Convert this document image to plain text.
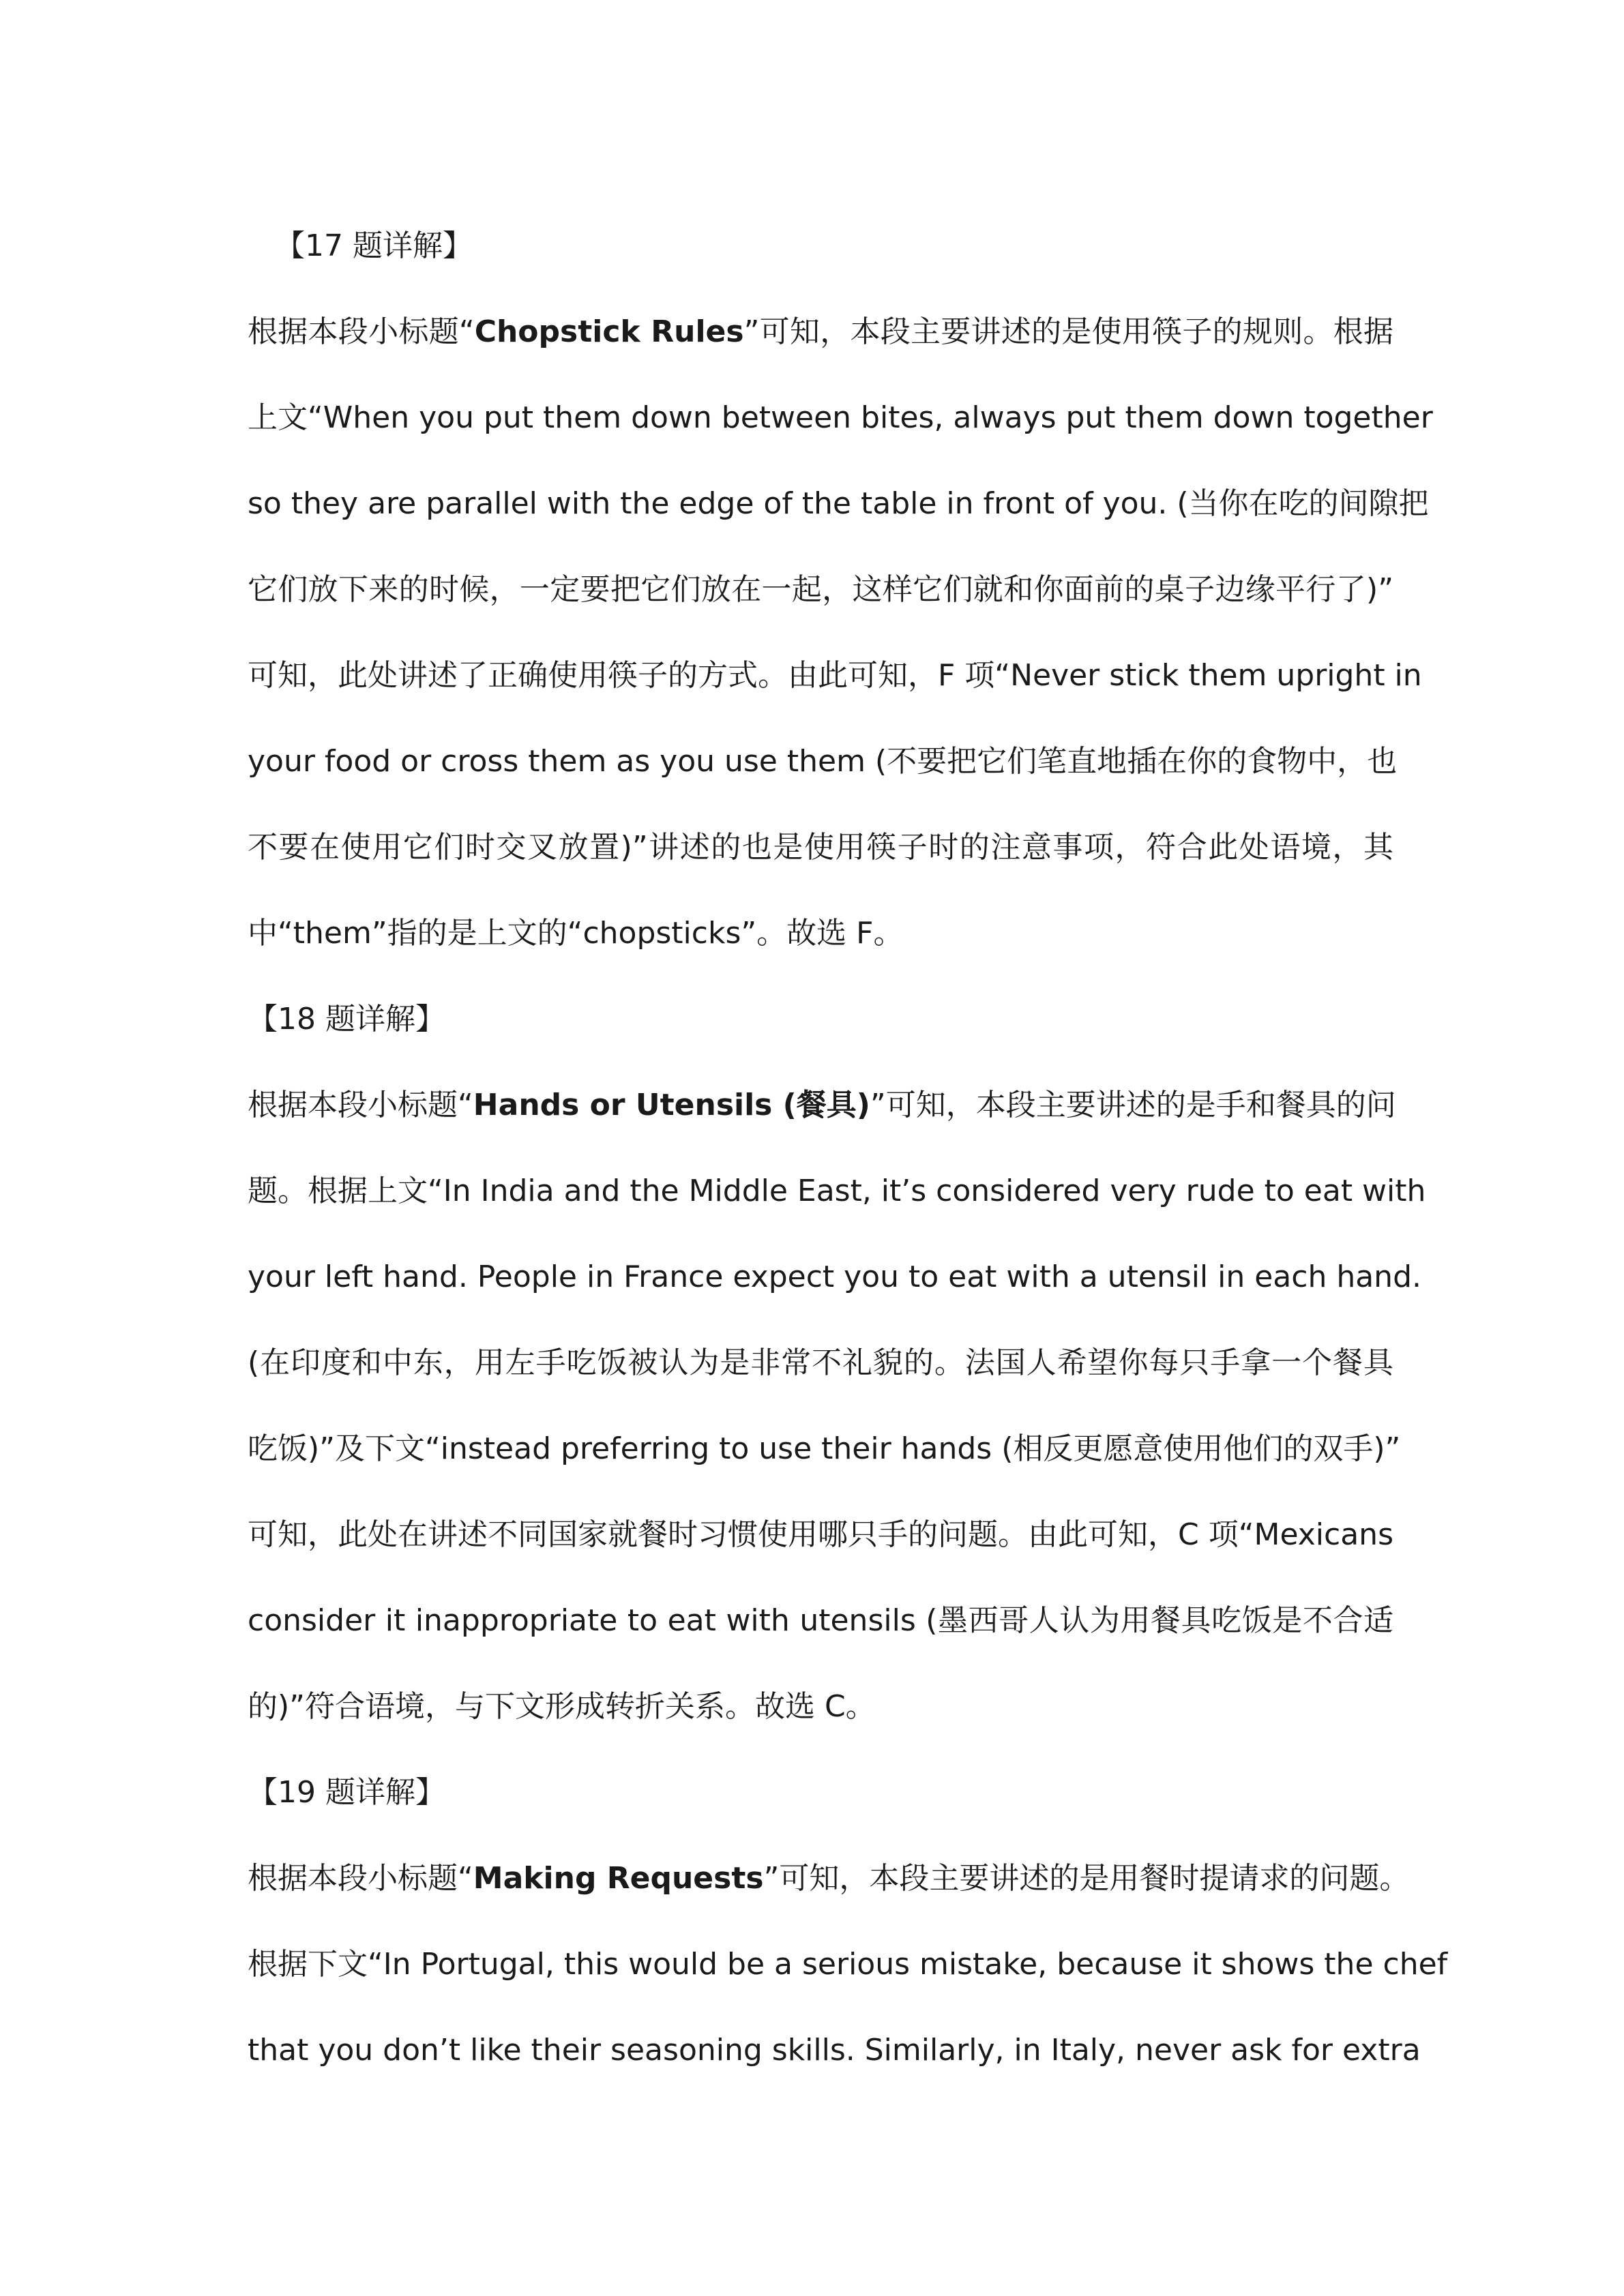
【17 题详解】
根据本段小标题“Chopstick Rules”可知，本段主要讲述的是使用筷子的规则。根据
上文“When you put them down between bites, always put them down together
so they are parallel with the edge of the table in front of you. (当你在吃的间隙把
它们放下来的时候，一定要把它们放在一起，这样它们就和你面前的桌子边缘平行了)”
可知，此处讲述了正确使用筷子的方式。由此可知，F 项“Never stick them upright in
your food or cross them as you use them (不要把它们笔直地插在你的食物中，也
不要在使用它们时交叉放置)”讲述的也是使用筷子时的注意事项，符合此处语境，其
中“them”指的是上文的“chopsticks”。故选 F。
【18 题详解】
根据本段小标题“Hands or Utensils (餐具)”可知，本段主要讲述的是手和餐具的问
题。根据上文“In India and the Middle East, it’s considered very rude to eat with
your left hand. People in France expect you to eat with a utensil in each hand.
(在印度和中东，用左手吃饭被认为是非常不礼貌的。法国人希望你每只手拿一个餐具
吃饭)”及下文“instead preferring to use their hands (相反更愿意使用他们的双手)”
可知，此处在讲述不同国家就餐时习惯使用哪只手的问题。由此可知，C 项“Mexicans
consider it inappropriate to eat with utensils (墨西哥人认为用餐具吃饭是不合适
的)”符合语境，与下文形成转折关系。故选 C。
【19 题详解】
根据本段小标题“Making Requests”可知，本段主要讲述的是用餐时提请求的问题。
根据下文“In Portugal, this would be a serious mistake, because it shows the chef
that you don’t like their seasoning skills. Similarly, in Italy, never ask for extra
